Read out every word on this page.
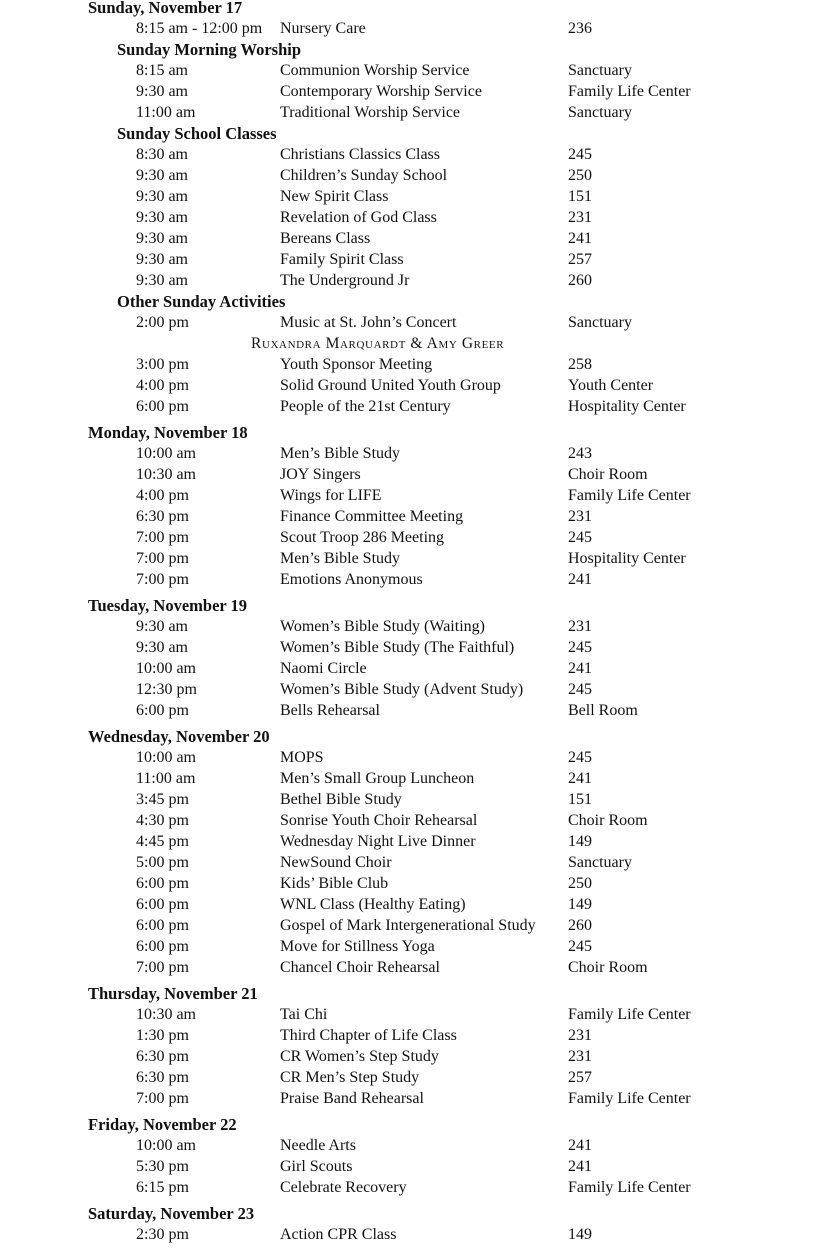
Sunday, November 17
8:15 am - 12:00 pm Nursery Care	236
Sunday Morning Worship
8:15 am	Communion Worship Service	Sanctuary
9:30 am	Contemporary Worship Service	Family Life Center
11:00 am	Traditional Worship Service	Sanctuary
Sunday School Classes
8:30 am	Christians Classics Class	245
9:30 am	Children’s Sunday School	250
9:30 am	New Spirit Class	151
9:30 am	Revelation of God Class	231
9:30 am	Bereans Class	241
9:30 am	Family Spirit Class	257
9:30 am	The Underground Jr	260
Other Sunday Activities
2:00 pm	Music at St. John’s Concert	Sanctuary
Ruxandra Marquardt & Amy Greer
3:00 pm	Youth Sponsor Meeting	258
4:00 pm	Solid Ground United Youth Group	Youth Center
6:00 pm	People of the 21st Century	Hospitality Center
Monday, November 18
10:00 am	Men’s Bible Study	243
10:30 am	JOY Singers	Choir Room
4:00 pm	Wings for LIFE	Family Life Center
6:30 pm	Finance Committee Meeting	231
7:00 pm	Scout Troop 286 Meeting	245
7:00 pm	Men’s Bible Study	Hospitality Center
7:00 pm	Emotions Anonymous	241
Tuesday, November 19
9:30 am	Women’s Bible Study (Waiting)	231
9:30 am	Women’s Bible Study (The Faithful)	245
10:00 am	Naomi Circle	241
12:30 pm	Women’s Bible Study (Advent Study)	245
6:00 pm	Bells Rehearsal	Bell Room
Wednesday, November 20
10:00 am	MOPS	245
11:00 am	Men’s Small Group Luncheon	241
3:45 pm	Bethel Bible Study	151
4:30 pm	Sonrise Youth Choir Rehearsal	Choir Room
4:45 pm	Wednesday Night Live Dinner	149
5:00 pm	NewSound Choir	Sanctuary
6:00 pm	Kids’ Bible Club	250
6:00 pm	WNL Class (Healthy Eating)	149
6:00 pm	Gospel of Mark Intergenerational Study 260
6:00 pm	Move for Stillness Yoga	245
7:00 pm	Chancel Choir Rehearsal	Choir Room
Thursday, November 21
10:30 am	Tai Chi	Family Life Center
1:30 pm	Third Chapter of Life Class	231
6:30 pm	CR Women’s Step Study	231
6:30 pm	CR Men’s Step Study	257
7:00 pm	Praise Band Rehearsal	Family Life Center
Friday, November 22
10:00 am	Needle Arts	241
5:30 pm	Girl Scouts	241
6:15 pm	Celebrate Recovery	Family Life Center
Saturday, November 23
2:30 pm	Action CPR Class	149
